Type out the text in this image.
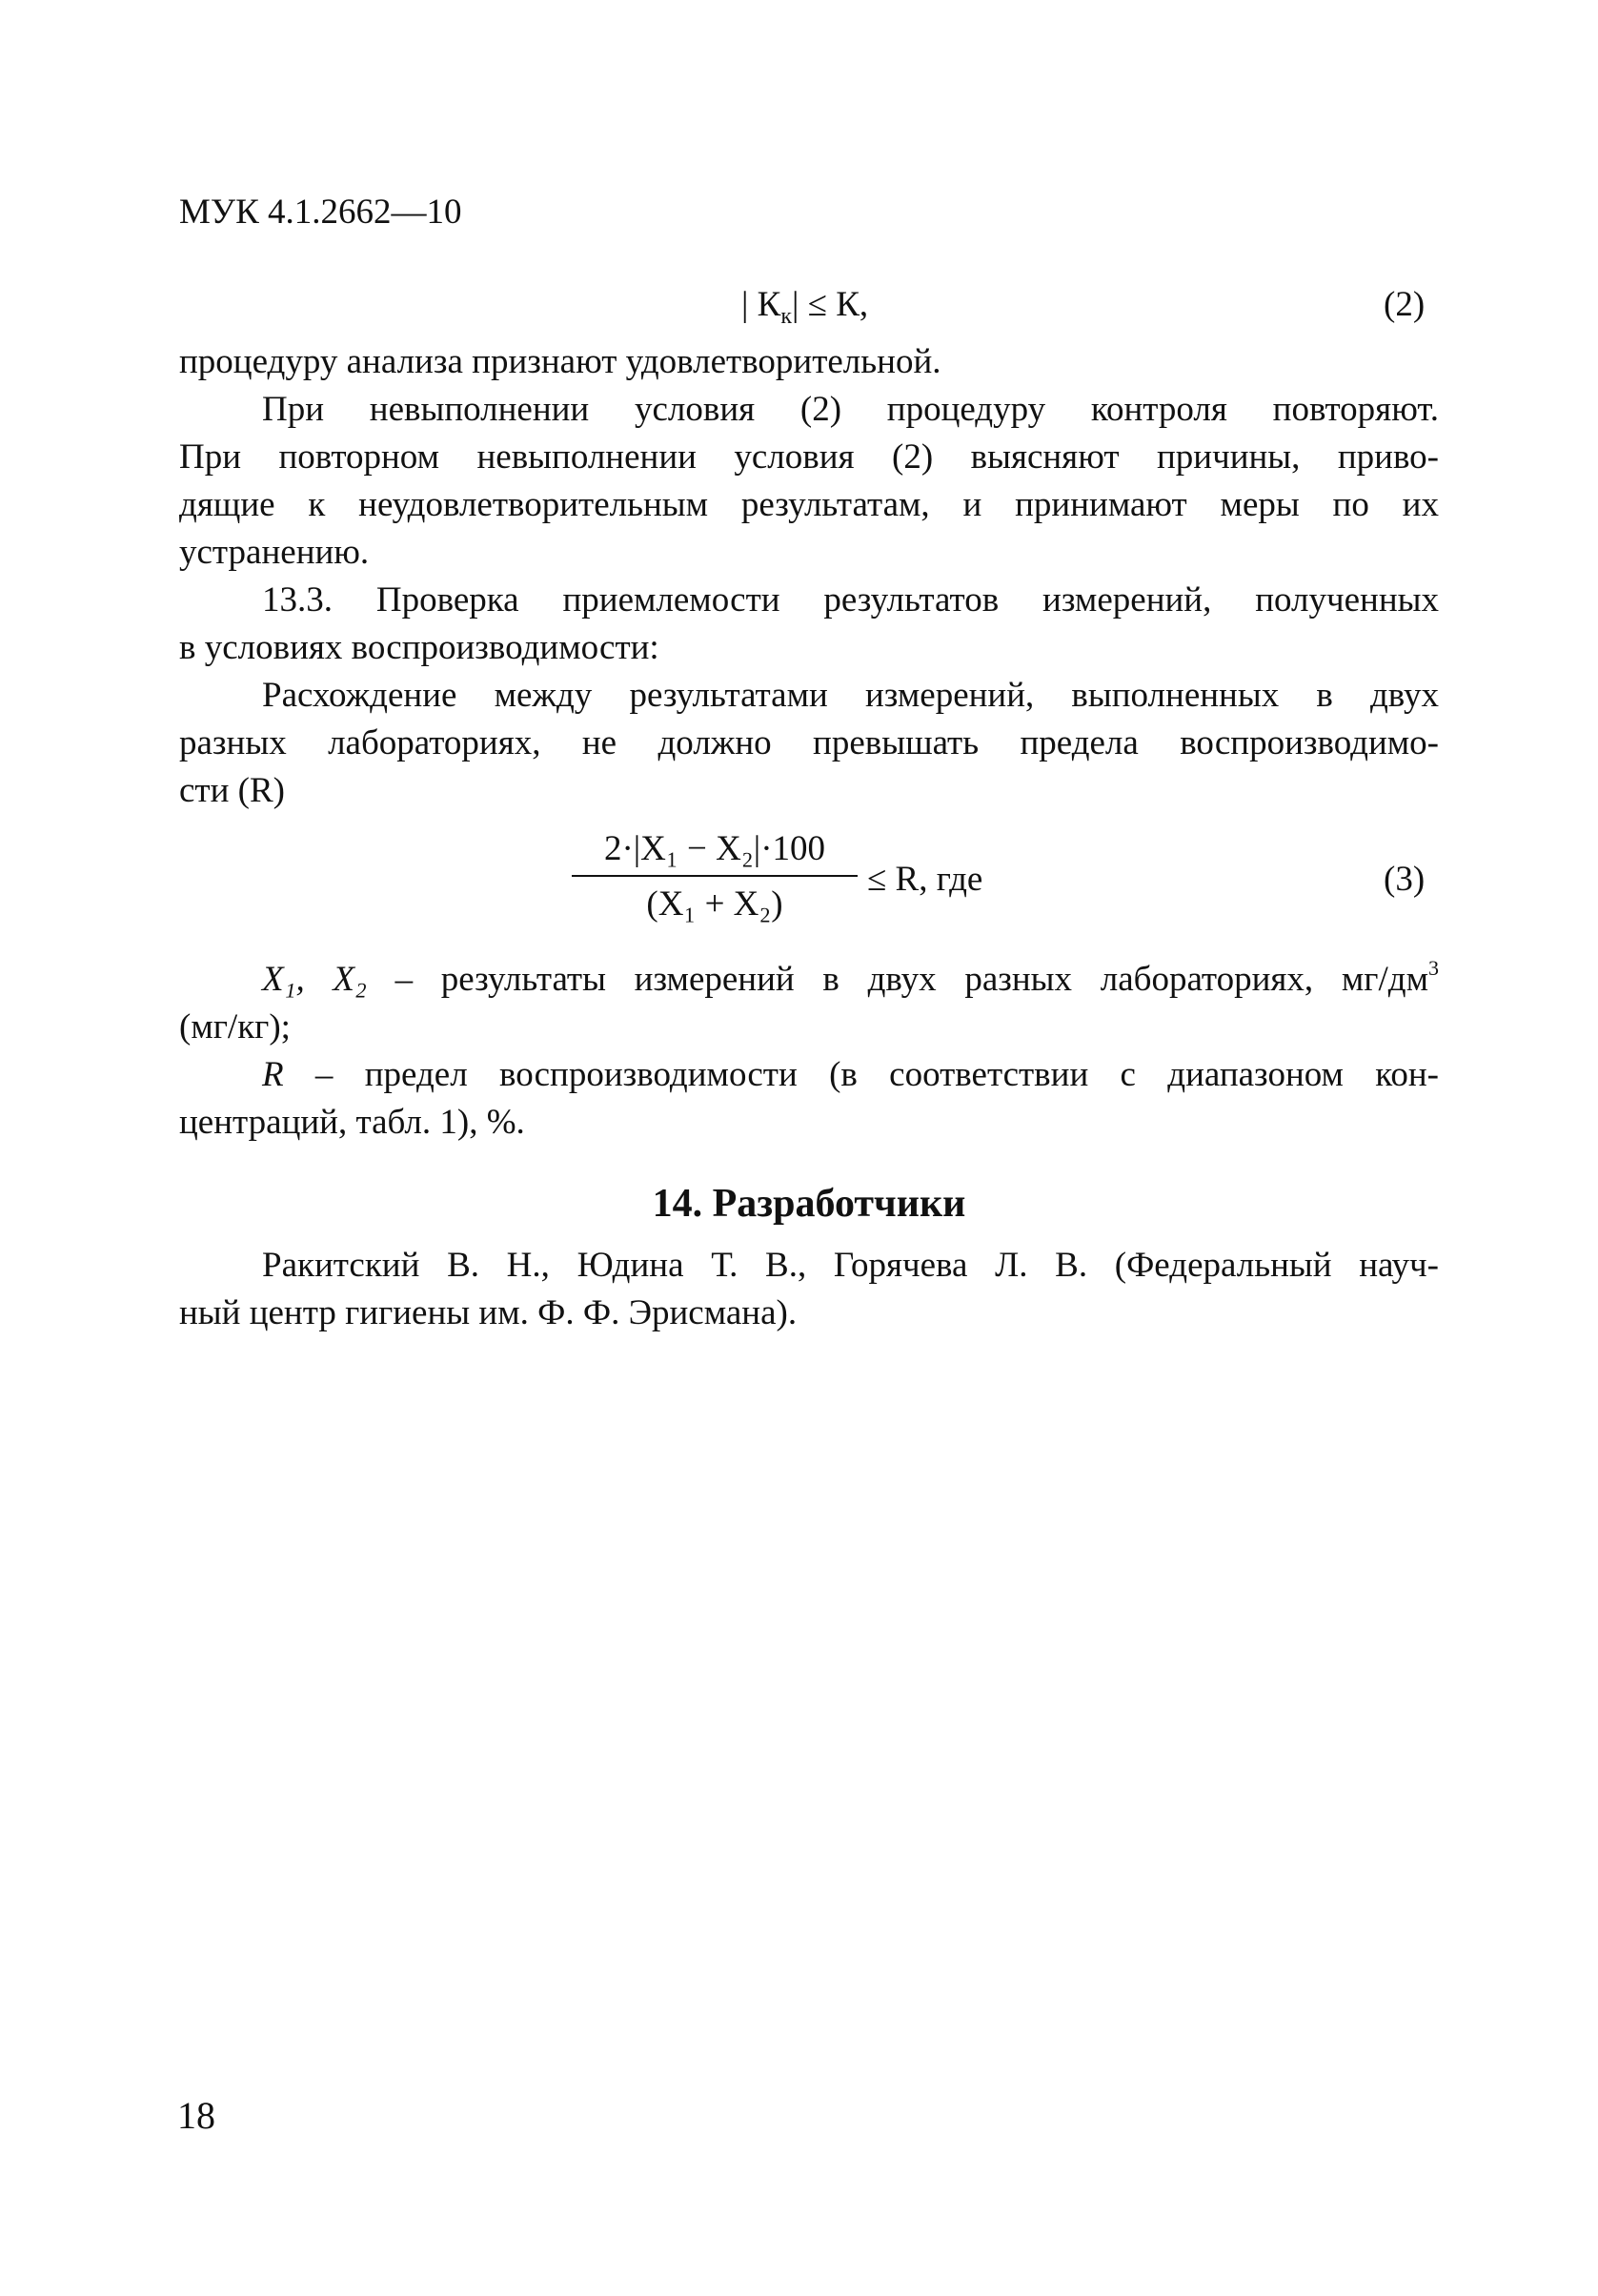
МУК 4.1.2662—10
| $К_к| \le К$,	(2)
процедуру анализа признают удовлетворительной.
При невыполнении условия (2) процедуру контроля повторяют.
При повторном невыполнении условия (2) выясняют причины, приво-
дящие к неудовлетворительным результатам, и принимают меры по их
устранению.
13.3. Проверка приемлемости результатов измерений, полученных
в условиях воспроизводимости:
Расхождение между результатами измерений, выполненных в двух
разных лабораториях, не должно превышать предела воспроизводимо-
сти (R)
2·|X₁ − X₂|·100
(X₁ + X₂)
≤ R, где	(3)
X₁, X₂ – результаты измерений в двух разных лабораториях, $мг/дм^3$
(мг/кг);
R – предел воспроизводимости (в соответствии с диапазоном кон-
центраций, табл. 1), %.
14. Разработчики
Ракитский В. Н., Юдина Т. В., Горячева Л. В. (Федеральный науч-
ный центр гигиены им. Ф. Ф. Эрисмана).
18
